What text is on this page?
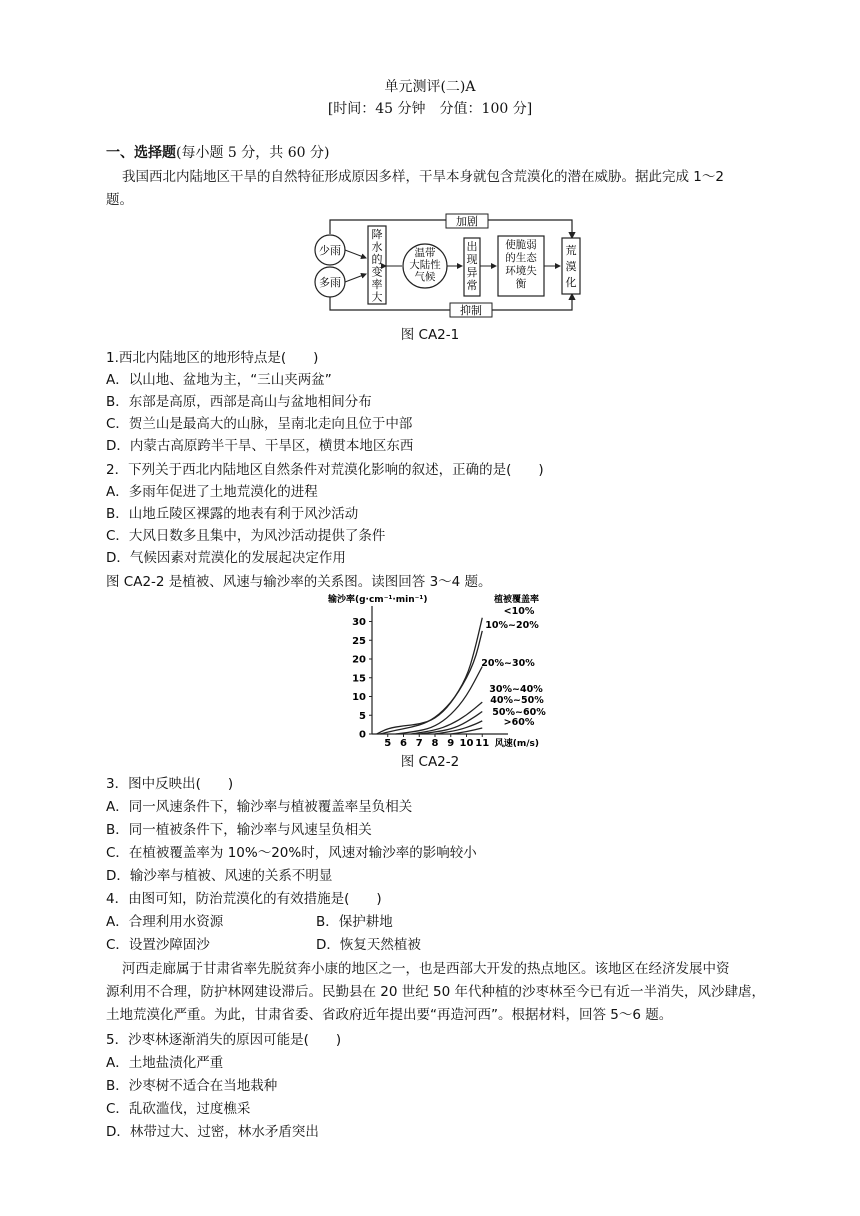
单元测评(二)A
[时间：45 分钟　分值：100 分]
一、选择题(每小题 5 分，共 60 分)
我国西北内陆地区干旱的自然特征形成原因多样，干旱本身就包含荒漠化的潜在威胁。据此完成 1～2
题。
加剧
抑制
少雨
多雨
降
水
的
变
率
大
温带
大陆性
气候
出
现
异
常
使脆弱
的生态
环境失
衡
荒
漠
化
图 CA2-1
1.西北内陆地区的地形特点是(　　)
A．以山地、盆地为主，“三山夹两盆”
B．东部是高原，西部是高山与盆地相间分布
C．贺兰山是最高大的山脉，呈南北走向且位于中部
D．内蒙古高原跨半干旱、干旱区，横贯本地区东西
2．下列关于西北内陆地区自然条件对荒漠化影响的叙述，正确的是(　　)
A．多雨年促进了土地荒漠化的进程
B．山地丘陵区裸露的地表有利于风沙活动
C．大风日数多且集中，为风沙活动提供了条件
D．气候因素对荒漠化的发展起决定作用
图 CA2-2 是植被、风速与输沙率的关系图。读图回答 3～4 题。
0
5
10
15
20
25
30
5 6 7 8 9 10 11
输沙率(g·cm⁻¹·min⁻¹)
风速(m/s)
植被覆盖率
<10%
10%~20%
20%~30%
30%~40%
40%~50%
50%~60%
>60%
图 CA2-2
3．图中反映出(　　)
A．同一风速条件下，输沙率与植被覆盖率呈负相关
B．同一植被条件下，输沙率与风速呈负相关
C．在植被覆盖率为 10%～20%时，风速对输沙率的影响较小
D．输沙率与植被、风速的关系不明显
4．由图可知，防治荒漠化的有效措施是(　　)
A．合理利用水资源	B．保护耕地
C．设置沙障固沙	D．恢复天然植被
河西走廊属于甘肃省率先脱贫奔小康的地区之一，也是西部大开发的热点地区。该地区在经济发展中资
源利用不合理，防护林网建设滞后。民勤县在 20 世纪 50 年代种植的沙枣林至今已有近一半消失，风沙肆虐，
土地荒漠化严重。为此，甘肃省委、省政府近年提出要“再造河西”。根据材料，回答 5～6 题。
5．沙枣林逐渐消失的原因可能是(　　)
A．土地盐渍化严重
B．沙枣树不适合在当地栽种
C．乱砍滥伐，过度樵采
D．林带过大、过密，林水矛盾突出
